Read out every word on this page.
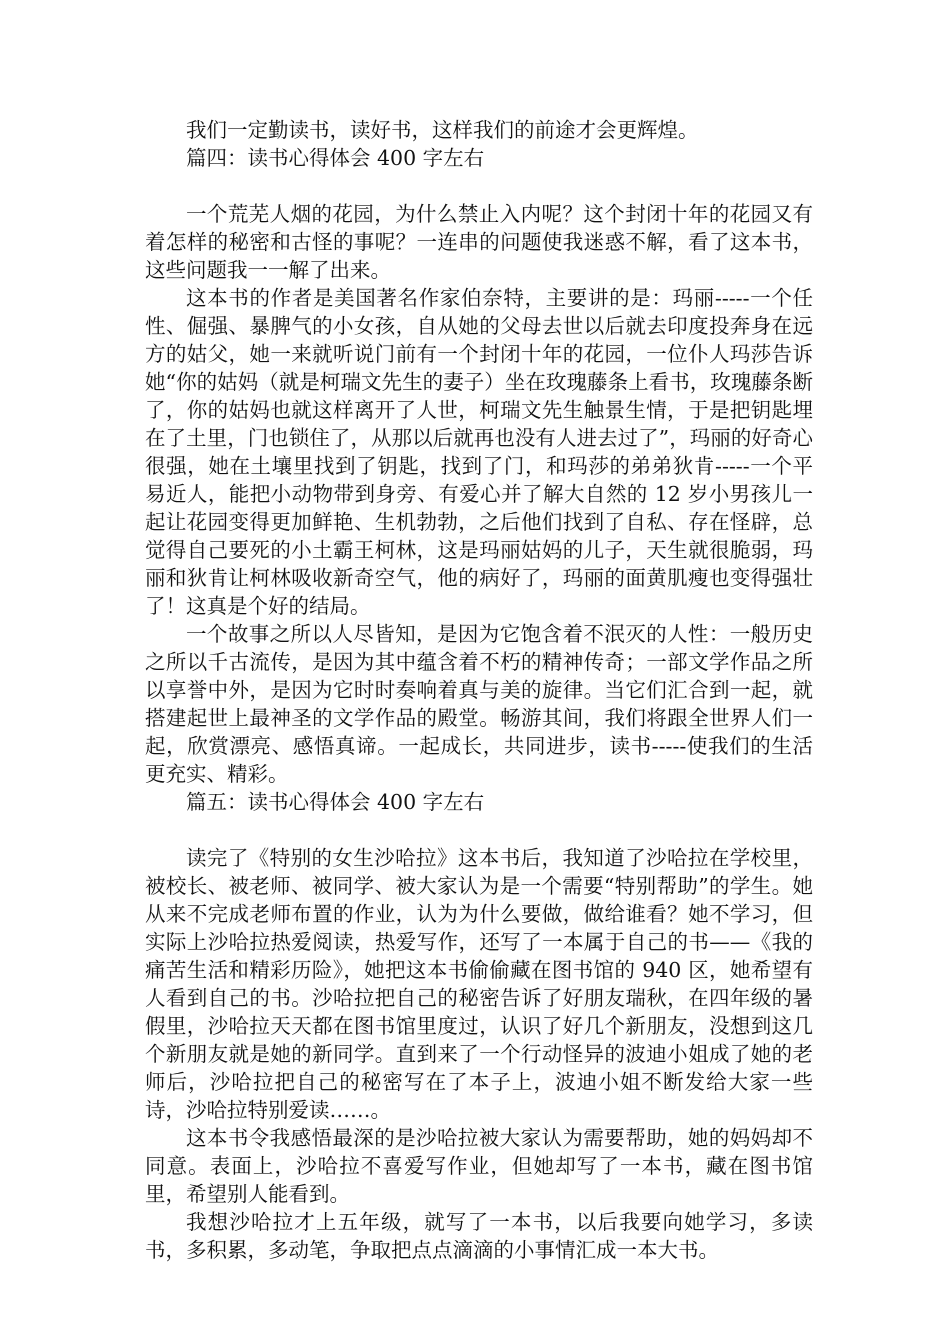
我们一定勤读书，读好书，这样我们的前途才会更辉煌。

篇四：读书心得体会 400 字左右

一个荒芜人烟的花园，为什么禁止入内呢？这个封闭十年的花园又有着怎样的秘密和古怪的事呢？一连串的问题使我迷惑不解，看了这本书，这些问题我一一解了出来。

这本书的作者是美国著名作家伯奈特，主要讲的是：玛丽-----一个任性、倔强、暴脾气的小女孩，自从她的父母去世以后就去印度投奔身在远方的姑父，她一来就听说门前有一个封闭十年的花园，一位仆人玛莎告诉她“你的姑妈（就是柯瑞文先生的妻子）坐在玫瑰藤条上看书，玫瑰藤条断了，你的姑妈也就这样离开了人世，柯瑞文先生触景生情，于是把钥匙埋在了土里，门也锁住了，从那以后就再也没有人进去过了”，玛丽的好奇心很强，她在土壤里找到了钥匙，找到了门，和玛莎的弟弟狄肯-----一个平易近人，能把小动物带到身旁、有爱心并了解大自然的 12 岁小男孩儿一起让花园变得更加鲜艳、生机勃勃，之后他们找到了自私、存在怪辟，总觉得自己要死的小土霸王柯林，这是玛丽姑妈的儿子，天生就很脆弱，玛丽和狄肯让柯林吸收新奇空气，他的病好了，玛丽的面黄肌瘦也变得强壮了！这真是个好的结局。

一个故事之所以人尽皆知，是因为它饱含着不泯灭的人性：一般历史之所以千古流传，是因为其中蕴含着不朽的精神传奇；一部文学作品之所以享誉中外，是因为它时时奏响着真与美的旋律。当它们汇合到一起，就搭建起世上最神圣的文学作品的殿堂。畅游其间，我们将跟全世界人们一起，欣赏漂亮、感悟真谛。一起成长，共同进步，读书-----使我们的生活更充实、精彩。

篇五：读书心得体会 400 字左右

读完了《特别的女生沙哈拉》这本书后，我知道了沙哈拉在学校里，被校长、被老师、被同学、被大家认为是一个需要“特别帮助”的学生。她从来不完成老师布置的作业，认为为什么要做，做给谁看？她不学习，但实际上沙哈拉热爱阅读，热爱写作，还写了一本属于自己的书——《我的痛苦生活和精彩历险》，她把这本书偷偷藏在图书馆的 940 区，她希望有人看到自己的书。沙哈拉把自己的秘密告诉了好朋友瑞秋，在四年级的暑假里，沙哈拉天天都在图书馆里度过，认识了好几个新朋友，没想到这几个新朋友就是她的新同学。直到来了一个行动怪异的波迪小姐成了她的老师后，沙哈拉把自己的秘密写在了本子上，波迪小姐不断发给大家一些诗，沙哈拉特别爱读……。

这本书令我感悟最深的是沙哈拉被大家认为需要帮助，她的妈妈却不同意。表面上，沙哈拉不喜爱写作业，但她却写了一本书，藏在图书馆里，希望别人能看到。

我想沙哈拉才上五年级，就写了一本书，以后我要向她学习，多读书，多积累，多动笔，争取把点点滴滴的小事情汇成一本大书。
